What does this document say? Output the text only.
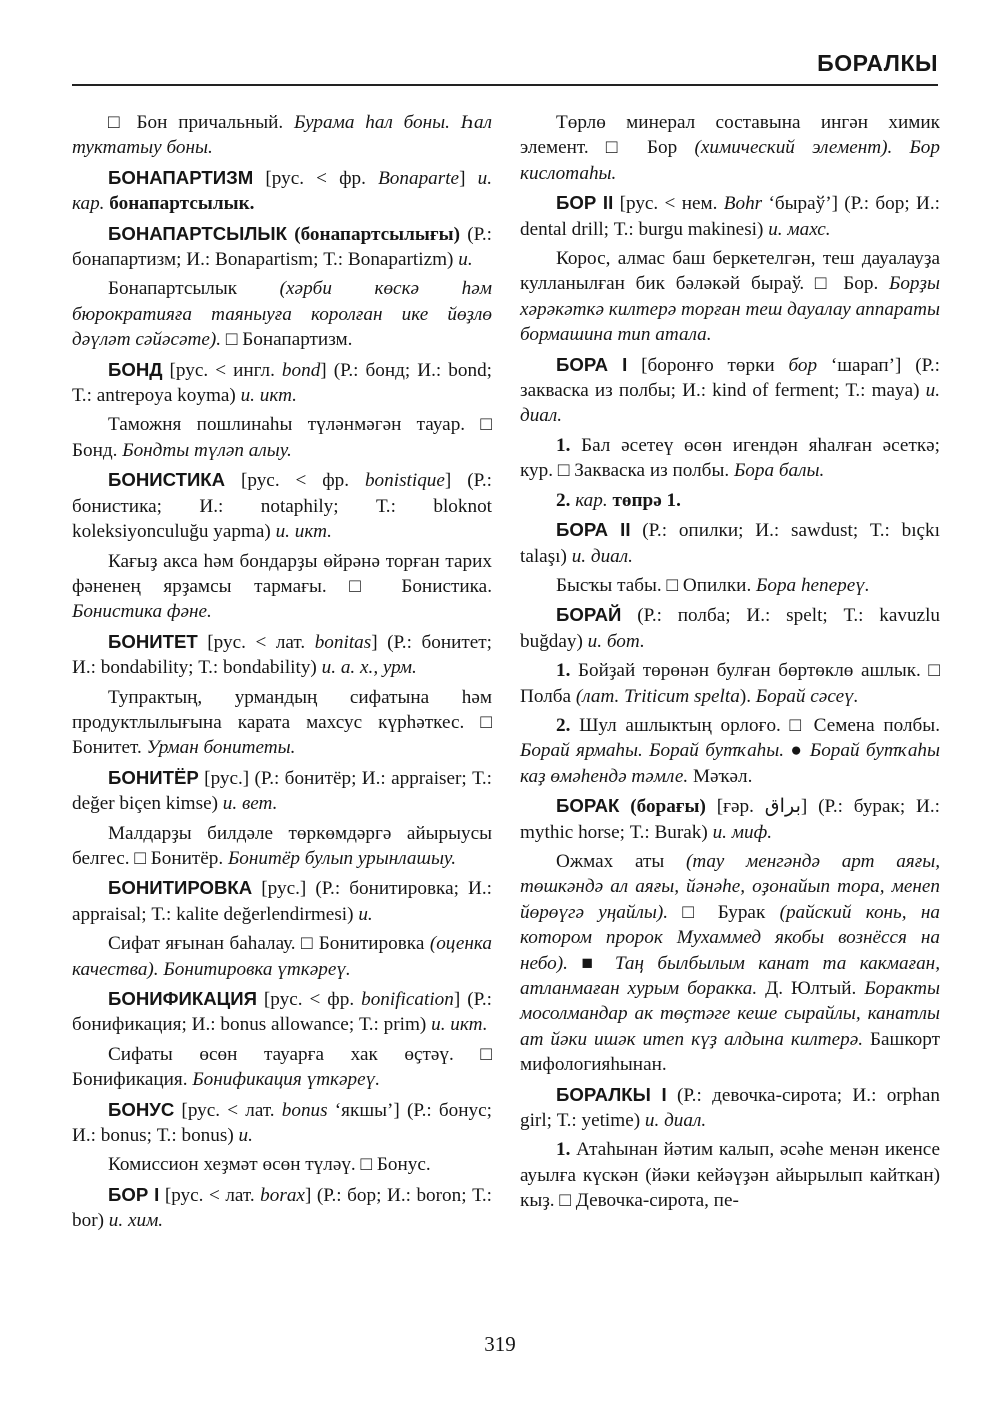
БОРАЛКЫ

□ Бон причальный. Бурама һал боны. Һал туктатыу боны.

БОНАПАРТИЗМ [рус. < фр. Bonaparte] и. кар. бонапартсылык.

БОНАПАРТСЫЛЫК (бонапартсылығы) (Р.: бонапартизм; И.: Bonapartism; Т.: Bonapartizm) и.

Бонапартсылык (хәрби көскә һәм бюрократияға таяныуға королған ике йөҙлө дәүләт сәйәсәте). □ Бонапартизм.

БОНД [рус. < ингл. bond] (Р.: бонд; И.: bond; Т.: antrepoya koyma) и. икт.

Таможня пошлинаһы түләнмәгән тауар. □ Бонд. Бондты түләп алыу.

БОНИСТИКА [рус. < фр. bonistique] (Р.: бонистика; И.: notaphily; Т.: bloknot koleksiyonculuğu yapma) и. икт.

Кағыҙ акса һәм бондарҙы өйрәнә торған тарих фәненең ярҙамсы тармағы. □ Бонистика. Бонистика фәне.

БОНИТЕТ [рус. < лат. bonitas] (Р.: бонитет; И.: bondability; Т.: bondability) и. а. х., урм.

Тупрактың, урмандың сифатына һәм продуктлылығына карата махсус күрһәткес. □ Бонитет. Урман бонитеты.

БОНИТЁР [рус.] (Р.: бонитёр; И.: appraiser; Т.: değer biçen kimse) и. вет.

Малдарҙы билдәле төркөмдәргә айырыусы белгес. □ Бонитёр. Бонитёр булып урынлашыу.

БОНИТИРОВКА [рус.] (Р.: бонитировка; И.: appraisal; Т.: kalite değerlendirmesi) и.

Сифат яғынан баһалау. □ Бонитировка (оценка качества). Бонитировка үткәреү.

БОНИФИКАЦИЯ [рус. < фр. bonification] (Р.: бонификация; И.: bonus allowance; Т.: prim) и. икт.

Сифаты өсөн тауарға хак өҫтәү. □ Бонификация. Бонификация үткәреү.

БОНУС [рус. < лат. bonus ‘якшы’] (Р.: бонус; И.: bonus; Т.: bonus) и.

Комиссион хеҙмәт өсөн түләү. □ Бонус.

БОР I [рус. < лат. borax] (Р.: бор; И.: boron; Т.: bor) и. хим.

Төрлө минерал составына ингән химик элемент. □ Бор (химический элемент). Бор кислотаһы.

БОР II [рус. < нем. Bohr ‘быраў’] (Р.: бор; И.: dental drill; Т.: burgu makinesi) и. махс.

Корос, алмас баш беркетелгән, теш дауалауҙа кулланылған бик бәләкәй быраў. □ Бор. Борҙы хәрәкәткә килтерә торған теш дауалау аппараты бормашина тип атала.

БОРА I [боронғо төрки бор ‘шарап’] (Р.: закваска из полбы; И.: kind of ferment; Т.: maya) и. диал.

1. Бал әсетеү өсөн игендән яһалған әсеткә; кур. □ Закваска из полбы. Бора балы.

2. кар. төпрә 1.

БОРА II (Р.: опилки; И.: sawdust; Т.: bıçkı talaşı) и. диал.

Бысҡы табы. □ Опилки. Бора һепереү.

БОРАЙ (Р.: полба; И.: spelt; Т.: kavuzlu buğday) и. бот.

1. Бойҙай төрөнән булған бөртөклө ашлык. □ Полба (лат. Triticum spelta). Борай сәсеү.

2. Шул ашлыктың орлоғо. □ Семена полбы. Борай ярмаһы. Борай бутҡаһы. ● Борай бутҡаһы каҙ өмәһендә тәмле. Мәҡәл.

БОРАК (борағы) [ғәр. براق] (Р.: бурак; И.: mythic horse; Т.: Burak) и. миф.

Ожмах аты (тау менгәндә арт аяғы, төшкәндә ал аяғы, йәнәһе, оҙонайып тора, менеп йөрөүгә уңайлы). □ Бурак (райский конь, на котором пророк Мухаммед якобы вознёсся на небо). ■ Таң былбылым канат та какмаған, атланмаған хурым боракка. Д. Юлтый. Боракты мосолмандар ак төҫтәге кеше сырайлы, канатлы ат йәки ишәк итеп күҙ алдына килтерә. Башкорт мифологияһынан.

БОРАЛКЫ I (Р.: девочка-сирота; И.: orphan girl; Т.: yetime) и. диал.

1. Атаһынан йәтим калып, әсәһе менән икенсе ауылға күскән (йәки кейәүҙән айырылып кайткан) кыҙ. □ Девочка-сирота, пе-

319
